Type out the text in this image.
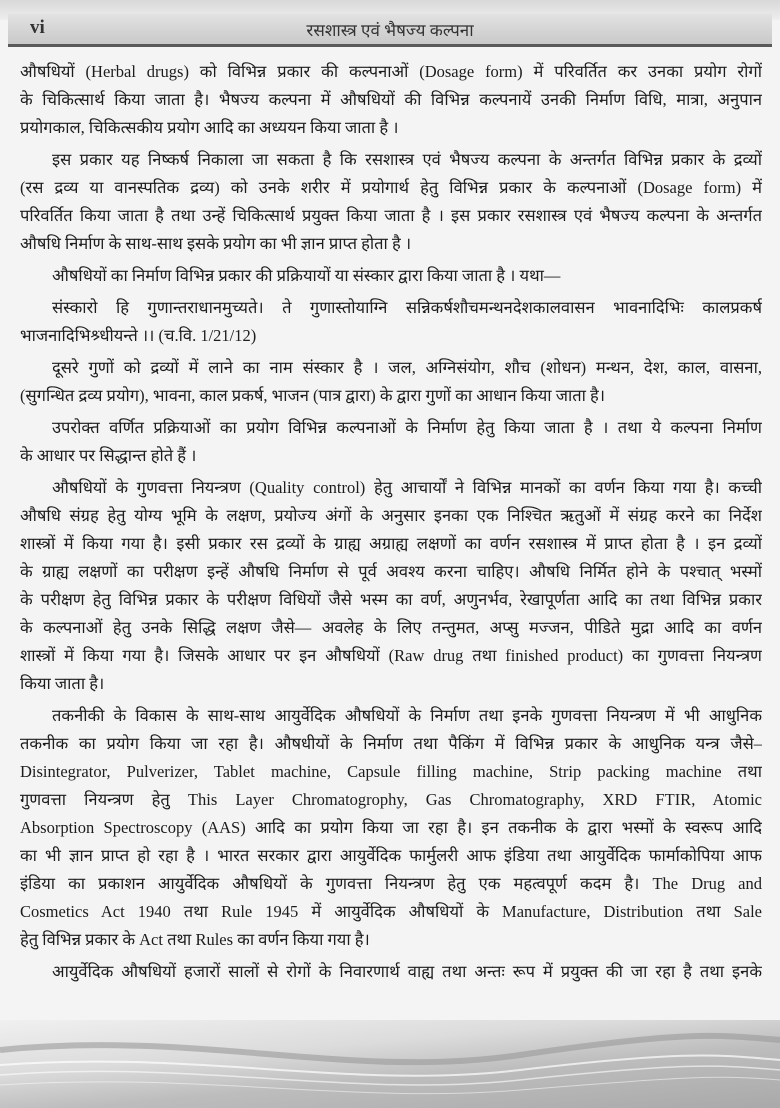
vi	रसशास्त्र एवं भैषज्य कल्पना
औषधियों (Herbal drugs) को विभिन्न प्रकार की कल्पनाओं (Dosage form) में परिवर्तित कर उनका प्रयोग रोगों
के चिकित्सार्थ किया जाता है। भैषज्य कल्पना में औषधियों की विभिन्न कल्पनायें उनकी निर्माण विधि, मात्रा, अनुपान
प्रयोगकाल, चिकित्सकीय प्रयोग आदि का अध्ययन किया जाता है ।
इस प्रकार यह निष्कर्ष निकाला जा सकता है कि रसशास्त्र एवं भैषज्य कल्पना के अन्तर्गत विभिन्न प्रकार के द्रव्यों
(रस द्रव्य या वानस्पतिक द्रव्य) को उनके शरीर में प्रयोगार्थ हेतु विभिन्न प्रकार के कल्पनाओं (Dosage form) में
परिवर्तित किया जाता है तथा उन्हें चिकित्सार्थ प्रयुक्त किया जाता है । इस प्रकार रसशास्त्र एवं भैषज्य कल्पना के अन्तर्गत
औषधि निर्माण के साथ-साथ इसके प्रयोग का भी ज्ञान प्राप्त होता है ।
औषधियों का निर्माण विभिन्न प्रकार की प्रक्रियायों या संस्कार द्वारा किया जाता है । यथा—
संस्कारो हि गुणान्तराधानमुच्यते। ते गुणास्तोयाग्नि सन्निकर्षशौचमन्थनदेशकालवासन भावनादिभिः कालप्रकर्ष
भाजनादिभिश्र्धीयन्ते ।। (च.वि. 1/21/12)
दूसरे गुणों को द्रव्यों में लाने का नाम संस्कार है । जल, अग्निसंयोग, शौच (शोधन) मन्थन, देश, काल, वासना,
(सुगन्धित द्रव्य प्रयोग), भावना, काल प्रकर्ष, भाजन (पात्र द्वारा) के द्वारा गुणों का आधान किया जाता है।
उपरोक्त वर्णित प्रक्रियाओं का प्रयोग विभिन्न कल्पनाओं के निर्माण हेतु किया जाता है । तथा ये कल्पना निर्माण
के आधार पर सिद्धान्त होते हैं ।
औषधियों के गुणवत्ता नियन्त्रण (Quality control) हेतु आचार्यों ने विभिन्न मानकों का वर्णन किया गया है। कच्ची
औषधि संग्रह हेतु योग्य भूमि के लक्षण, प्रयोज्य अंगों के अनुसार इनका एक निश्चित ऋतुओं में संग्रह करने का निर्देश
शास्त्रों में किया गया है। इसी प्रकार रस द्रव्यों के ग्राह्य अग्राह्य लक्षणों का वर्णन रसशास्त्र में प्राप्त होता है । इन द्रव्यों
के ग्राह्य लक्षणों का परीक्षण इन्हें औषधि निर्माण से पूर्व अवश्य करना चाहिए। औषधि निर्मित होने के पश्चात् भस्मों
के परीक्षण हेतु विभिन्न प्रकार के परीक्षण विधियों जैसे भस्म का वर्ण, अणुनर्भव, रेखापूर्णता आदि का तथा विभिन्न प्रकार
के कल्पनाओं हेतु उनके सिद्धि लक्षण जैसे— अवलेह के लिए तन्तुमत, अप्सु मज्जन, पीडिते मुद्रा आदि का वर्णन
शास्त्रों में किया गया है। जिसके आधार पर इन औषधियों (Raw drug तथा finished product) का गुणवत्ता नियन्त्रण
किया जाता है।
तकनीकी के विकास के साथ-साथ आयुर्वेदिक औषधियों के निर्माण तथा इनके गुणवत्ता नियन्त्रण में भी आधुनिक
तकनीक का प्रयोग किया जा रहा है। औषधीयों के निर्माण तथा पैकिंग में विभिन्न प्रकार के आधुनिक यन्त्र जैसे–
Disintegrator, Pulverizer, Tablet machine, Capsule filling machine, Strip packing machine तथा
गुणवत्ता नियन्त्रण हेतु This Layer Chromatogrophy, Gas Chromatography, XRD FTIR, Atomic
Absorption Spectroscopy (AAS) आदि का प्रयोग किया जा रहा है। इन तकनीक के द्वारा भस्मों के स्वरूप आदि
का भी ज्ञान प्राप्त हो रहा है । भारत सरकार द्वारा आयुर्वेदिक फार्मुलरी आफ इंडिया तथा आयुर्वेदिक फार्माकोपिया आफ
इंडिया का प्रकाशन आयुर्वेदिक औषधियों के गुणवत्ता नियन्त्रण हेतु एक महत्वपूर्ण कदम है। The Drug and
Cosmetics Act 1940 तथा Rule 1945 में आयुर्वेदिक औषधियों के Manufacture, Distribution तथा Sale
हेतु विभिन्न प्रकार के Act तथा Rules का वर्णन किया गया है।
आयुर्वेदिक औषधियों हजारों सालों से रोगों के निवारणार्थ वाह्य तथा अन्तः रूप में प्रयुक्त की जा रहा है तथा इनके
